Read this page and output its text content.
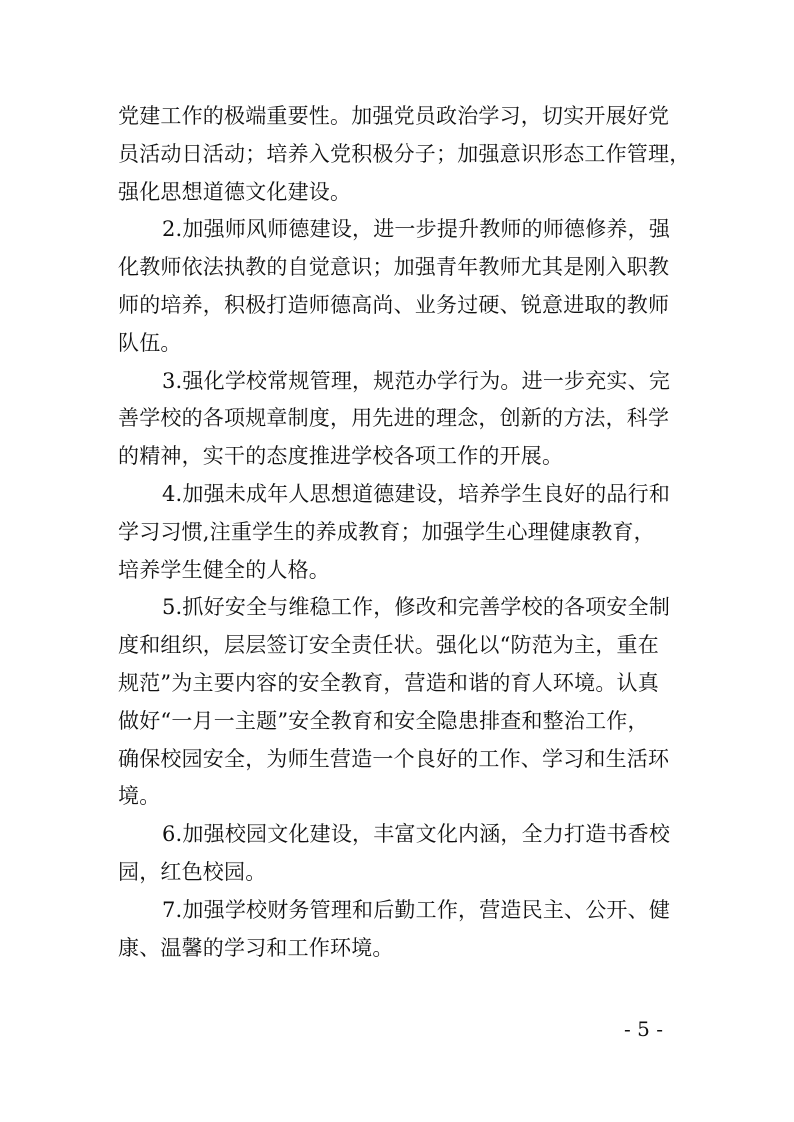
党建工作的极端重要性。加强党员政治学习，切实开展好党
员活动日活动；培养入党积极分子；加强意识形态工作管理，
强化思想道德文化建设。

2.加强师风师德建设，进一步提升教师的师德修养，强
化教师依法执教的自觉意识；加强青年教师尤其是刚入职教
师的培养，积极打造师德高尚、业务过硬、锐意进取的教师
队伍。

3.强化学校常规管理，规范办学行为。进一步充实、完
善学校的各项规章制度，用先进的理念，创新的方法，科学
的精神，实干的态度推进学校各项工作的开展。

4.加强未成年人思想道德建设，培养学生良好的品行和
学习习惯,注重学生的养成教育；加强学生心理健康教育，
培养学生健全的人格。

5.抓好安全与维稳工作，修改和完善学校的各项安全制
度和组织，层层签订安全责任状。强化以“防范为主，重在
规范”为主要内容的安全教育，营造和谐的育人环境。认真
做好“一月一主题”安全教育和安全隐患排查和整治工作，
确保校园安全，为师生营造一个良好的工作、学习和生活环
境。

6.加强校园文化建设，丰富文化内涵，全力打造书香校
园，红色校园。

7.加强学校财务管理和后勤工作，营造民主、公开、健
康、温馨的学习和工作环境。

- 5 -
